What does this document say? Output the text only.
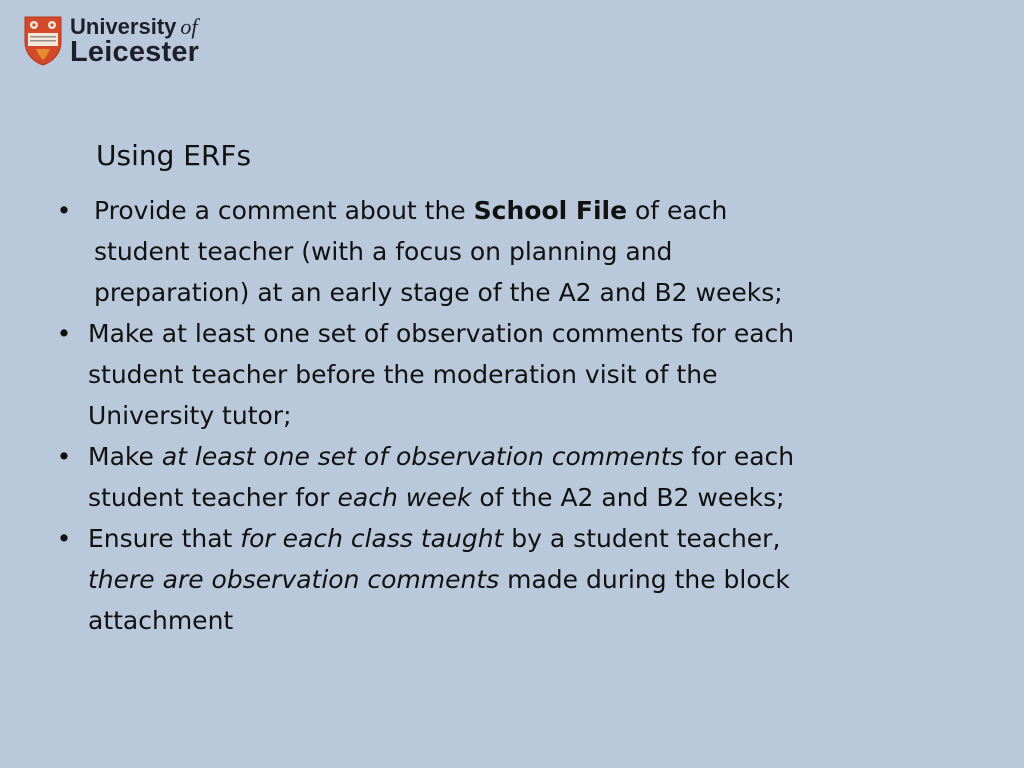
University of
Leicester
Using ERFs
• Provide a comment about the School File of each
student teacher (with a focus on planning and
preparation) at an early stage of the A2 and B2 weeks;
• Make at least one set of observation comments for each
student teacher before the moderation visit of the
University tutor;
• Make at least one set of observation comments for each
student teacher for each week of the A2 and B2 weeks;
• Ensure that for each class taught by a student teacher,
there are observation comments made during the block
attachment
